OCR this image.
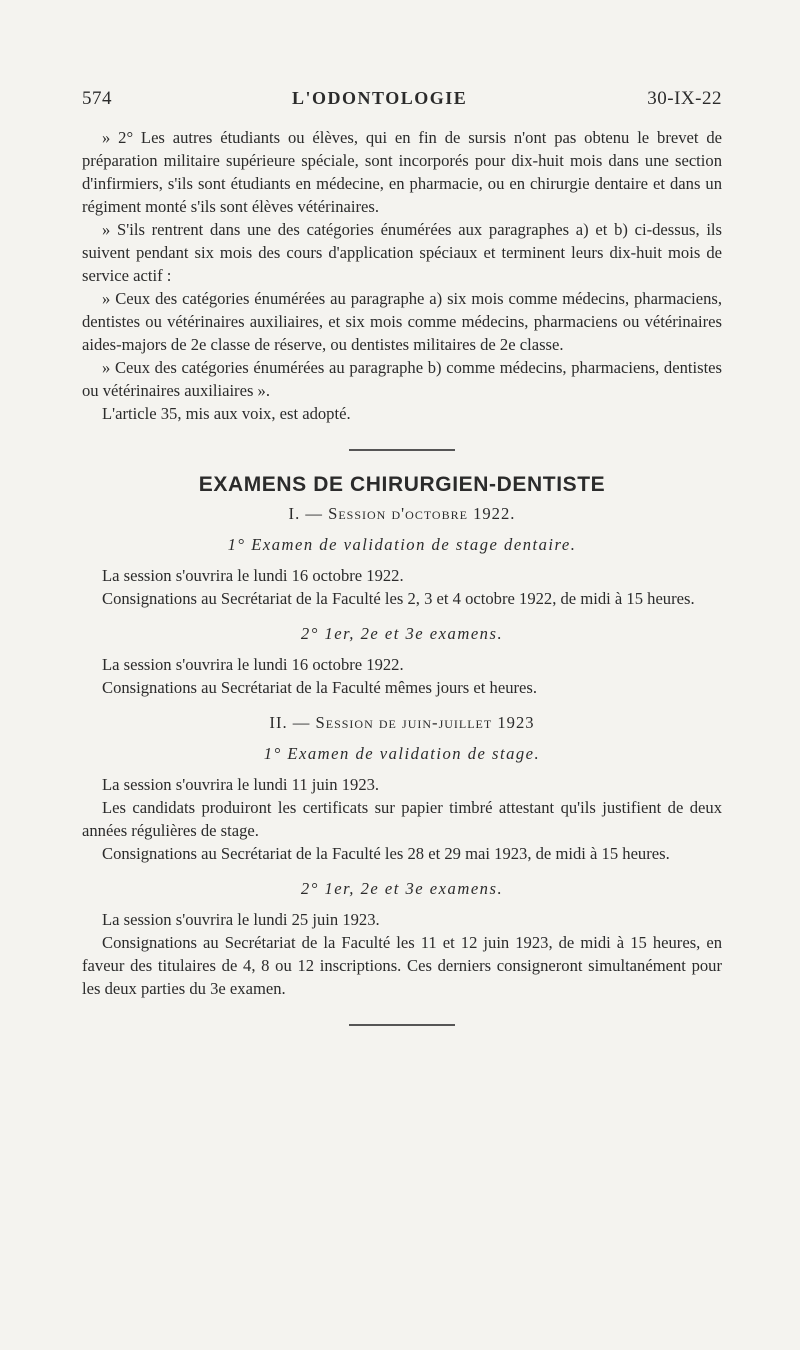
574	L'ODONTOLOGIE	30-IX-22

» 2° Les autres étudiants ou élèves, qui en fin de sursis n'ont pas obtenu le brevet de préparation militaire supérieure spéciale, sont incorporés pour dix-huit mois dans une section d'infirmiers, s'ils sont étudiants en médecine, en pharmacie, ou en chirurgie dentaire et dans un régiment monté s'ils sont élèves vétérinaires.

» S'ils rentrent dans une des catégories énumérées aux paragraphes a) et b) ci-dessus, ils suivent pendant six mois des cours d'application spéciaux et terminent leurs dix-huit mois de service actif :

» Ceux des catégories énumérées au paragraphe a) six mois comme médecins, pharmaciens, dentistes ou vétérinaires auxiliaires, et six mois comme médecins, pharmaciens ou vétérinaires aides-majors de 2e classe de réserve, ou dentistes militaires de 2e classe.

» Ceux des catégories énumérées au paragraphe b) comme médecins, pharmaciens, dentistes ou vétérinaires auxiliaires ».

L'article 35, mis aux voix, est adopté.

EXAMENS DE CHIRURGIEN-DENTISTE

I. — Session d'octobre 1922.

1° Examen de validation de stage dentaire.

La session s'ouvrira le lundi 16 octobre 1922.

Consignations au Secrétariat de la Faculté les 2, 3 et 4 octobre 1922, de midi à 15 heures.

2° 1er, 2e et 3e examens.

La session s'ouvrira le lundi 16 octobre 1922.

Consignations au Secrétariat de la Faculté mêmes jours et heures.

II. — Session de juin-juillet 1923

1° Examen de validation de stage.

La session s'ouvrira le lundi 11 juin 1923.

Les candidats produiront les certificats sur papier timbré attestant qu'ils justifient de deux années régulières de stage.

Consignations au Secrétariat de la Faculté les 28 et 29 mai 1923, de midi à 15 heures.

2° 1er, 2e et 3e examens.

La session s'ouvrira le lundi 25 juin 1923.

Consignations au Secrétariat de la Faculté les 11 et 12 juin 1923, de midi à 15 heures, en faveur des titulaires de 4, 8 ou 12 inscriptions. Ces derniers consigneront simultanément pour les deux parties du 3e examen.
